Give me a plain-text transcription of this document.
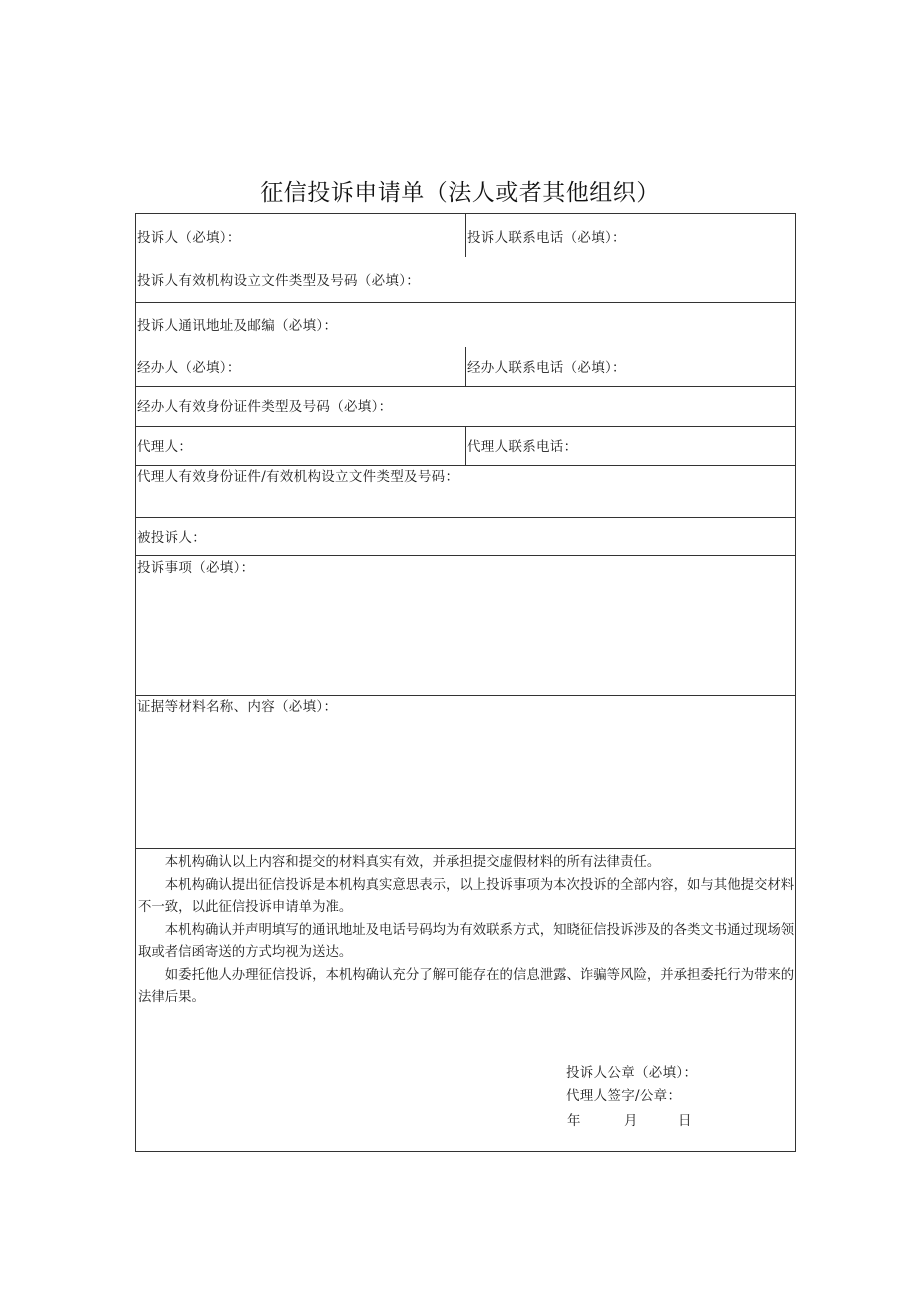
征信投诉申请单（法人或者其他组织）
投诉人（必填）：	投诉人联系电话（必填）：
投诉人有效机构设立文件类型及号码（必填）：
投诉人通讯地址及邮编（必填）：
经办人（必填）：	经办人联系电话（必填）：
经办人有效身份证件类型及号码（必填）：
代理人：	代理人联系电话：
代理人有效身份证件/有效机构设立文件类型及号码：
被投诉人：
投诉事项（必填）：
证据等材料名称、内容（必填）：

本机构确认以上内容和提交的材料真实有效，并承担提交虚假材料的所有法律责任。

本机构确认提出征信投诉是本机构真实意思表示，以上投诉事项为本次投诉的全部内容，如与其他提交材料不一致，以此征信投诉申请单为准。

本机构确认并声明填写的通讯地址及电话号码均为有效联系方式，知晓征信投诉涉及的各类文书通过现场领取或者信函寄送的方式均视为送达。

如委托他人办理征信投诉，本机构确认充分了解可能存在的信息泄露、诈骗等风险，并承担委托行为带来的法律后果。

投诉人公章（必填）：
代理人签字/公章：
年	月	日
